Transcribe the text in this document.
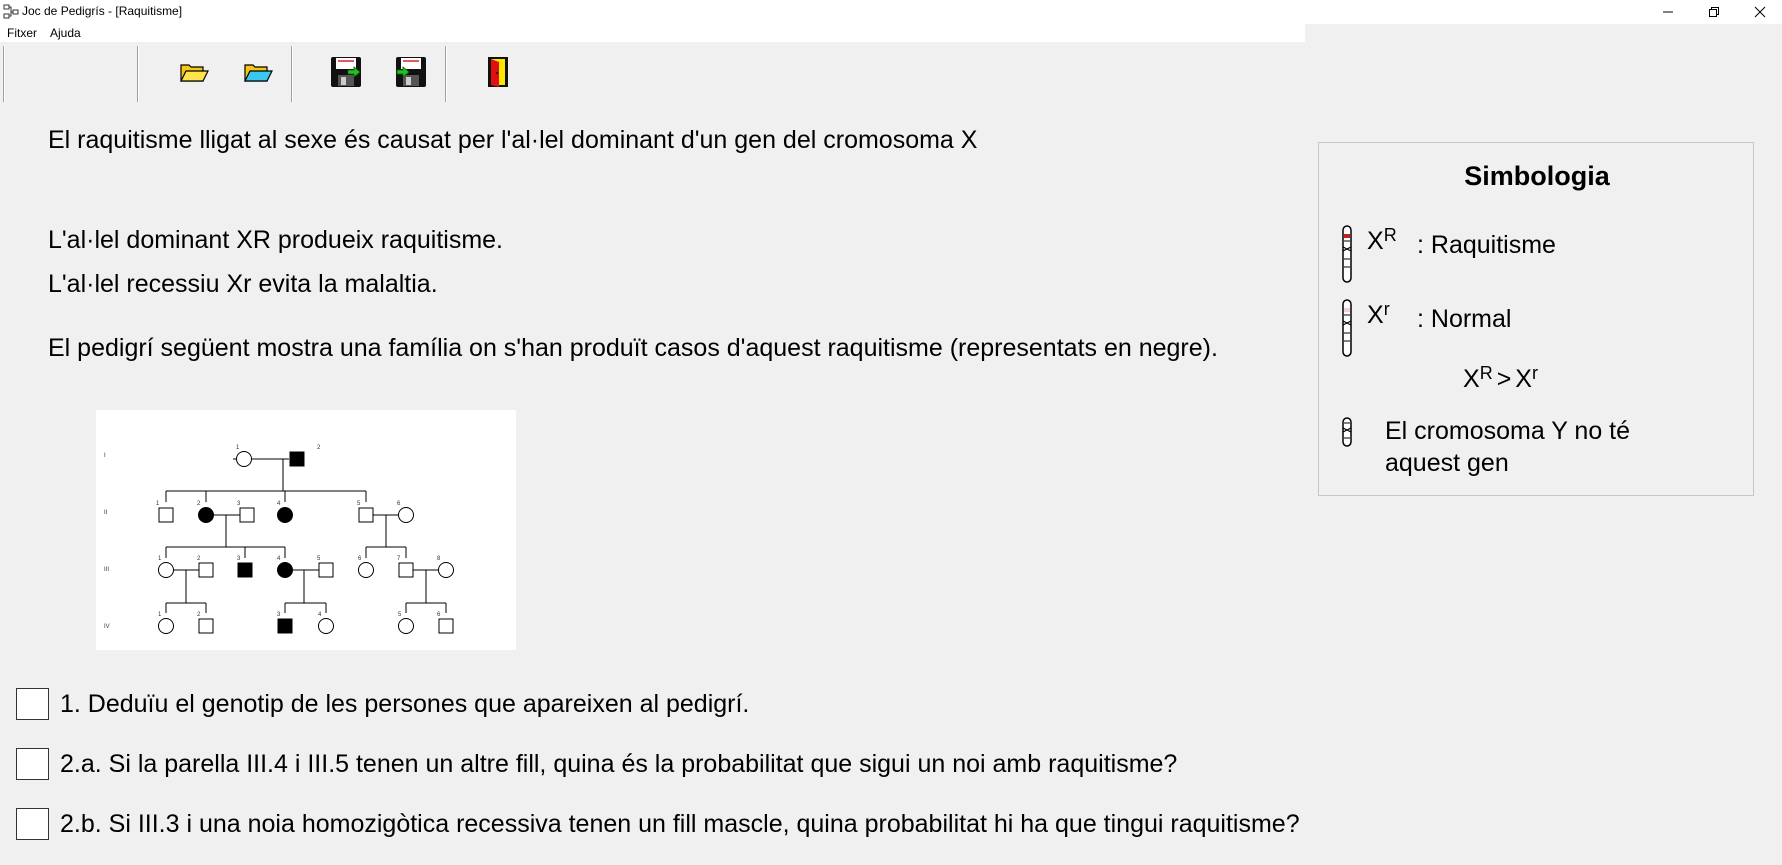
Joc de Pedigrís - [Raquitisme]
Fitxer Ajuda
El raquitisme lligat al sexe és causat per l'al·lel dominant d'un gen del cromosoma X
L'al·lel dominant XR produeix raquitisme.
L'al·lel recessiu Xr evita la malaltia.
El pedigrí següent mostra una família on s'han produït casos d'aquest raquitisme (representats en negre).
I
II
III
IV
1	2
1	2	3	4	5	6
1	2	3	4	5	6	7	8
1	2	3	4	5	6
Simbologia
$X^R$ : Raquitisme
$X^r$ : Normal
$X^R > X^r$
El cromosoma Y no té
aquest gen
1. Deduïu el genotip de les persones que apareixen al pedigrí.
2.a. Si la parella III.4 i III.5 tenen un altre fill, quina és la probabilitat que sigui un noi amb raquitisme?
2.b. Si III.3 i una noia homozigòtica recessiva tenen un fill mascle, quina probabilitat hi ha que tingui raquitisme?
